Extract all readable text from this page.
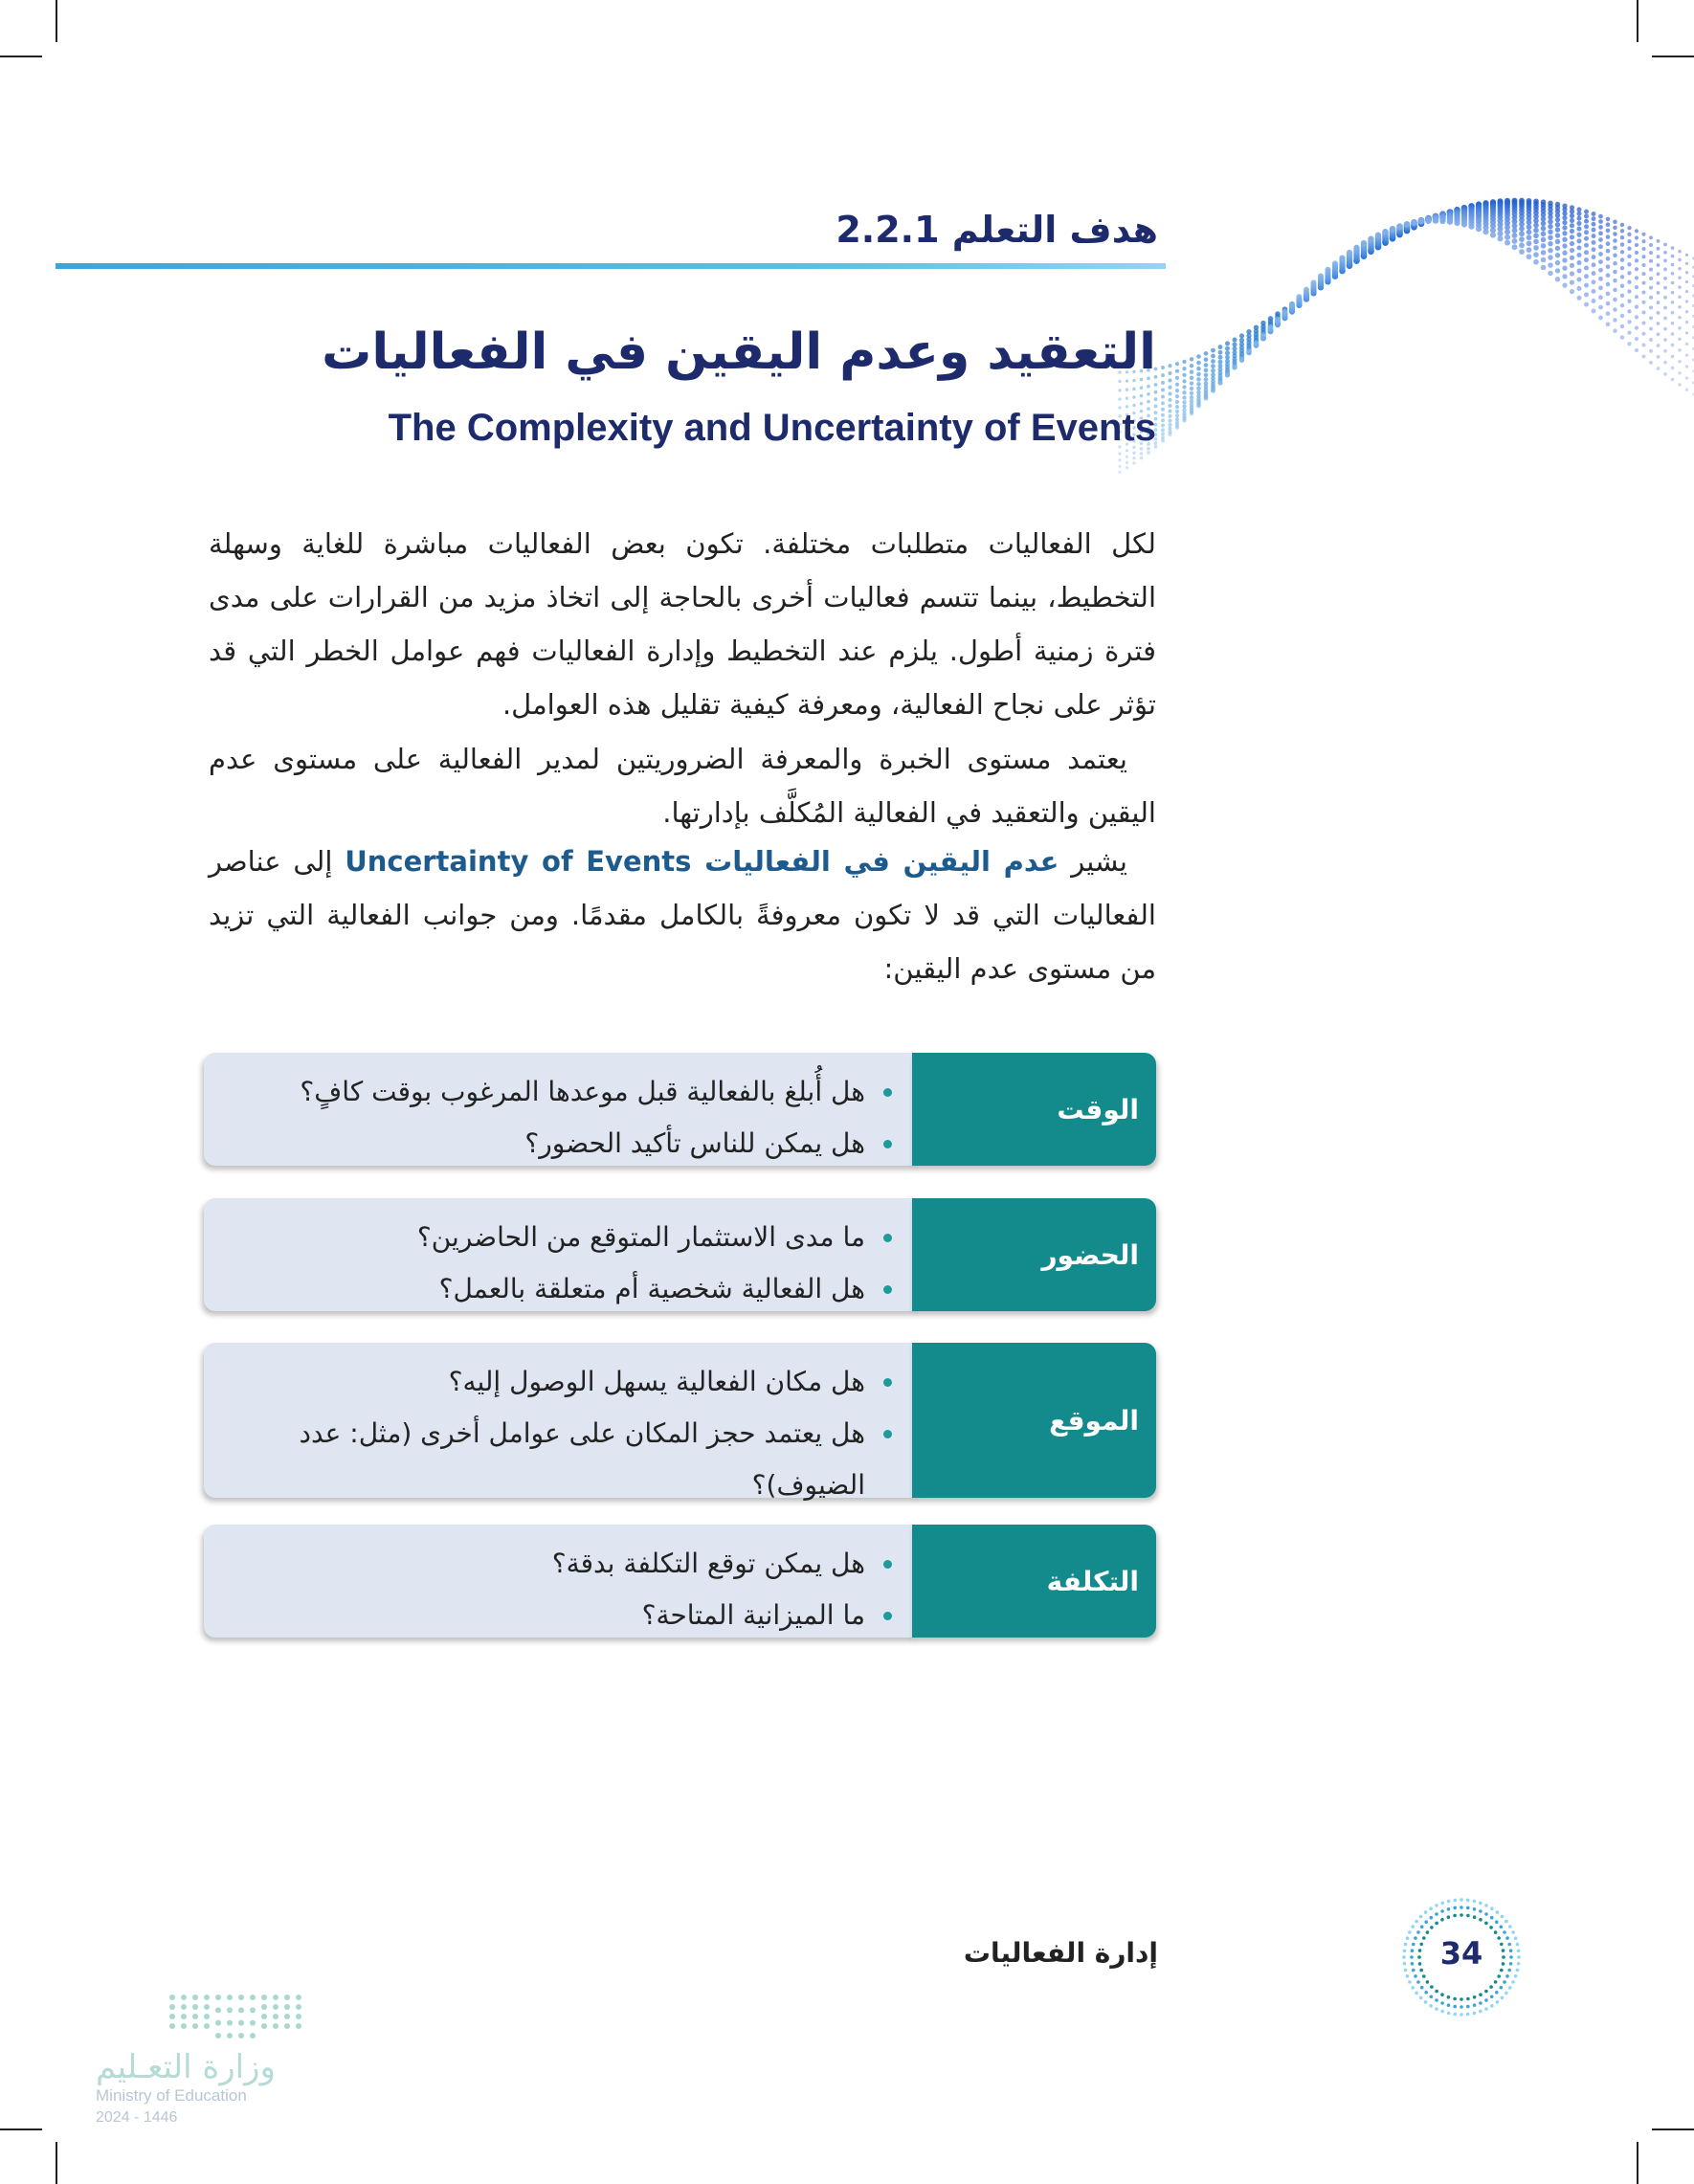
هدف التعلم 2.2.1
التعقيد وعدم اليقين في الفعاليات
The Complexity and Uncertainty of Events

لكل الفعاليات متطلبات مختلفة. تكون بعض الفعاليات مباشرة للغاية وسهلة التخطيط، بينما تتسم فعاليات أخرى بالحاجة إلى اتخاذ مزيد من القرارات على مدى فترة زمنية أطول. يلزم عند التخطيط وإدارة الفعاليات فهم عوامل الخطر التي قد تؤثر على نجاح الفعالية، ومعرفة كيفية تقليل هذه العوامل.

يعتمد مستوى الخبرة والمعرفة الضروريتين لمدير الفعالية على مستوى عدم اليقين والتعقيد في الفعالية المُكلَّف بإدارتها.

يشير عدم اليقين في الفعاليات Uncertainty of Events إلى عناصر الفعاليات التي قد لا تكون معروفةً بالكامل مقدمًا. ومن جوانب الفعالية التي تزيد من مستوى عدم اليقين:

الوقت
هل أُبلغ بالفعالية قبل موعدها المرغوب بوقت كافٍ؟
هل يمكن للناس تأكيد الحضور؟
الحضور
ما مدى الاستثمار المتوقع من الحاضرين؟
هل الفعالية شخصية أم متعلقة بالعمل؟
الموقع
هل مكان الفعالية يسهل الوصول إليه؟
هل يعتمد حجز المكان على عوامل أخرى (مثل: عدد الضيوف)؟
التكلفة
هل يمكن توقع التكلفة بدقة؟
ما الميزانية المتاحة؟
إدارة الفعاليات	34
وزارة التعـليم
Ministry of Education
2024 - 1446
